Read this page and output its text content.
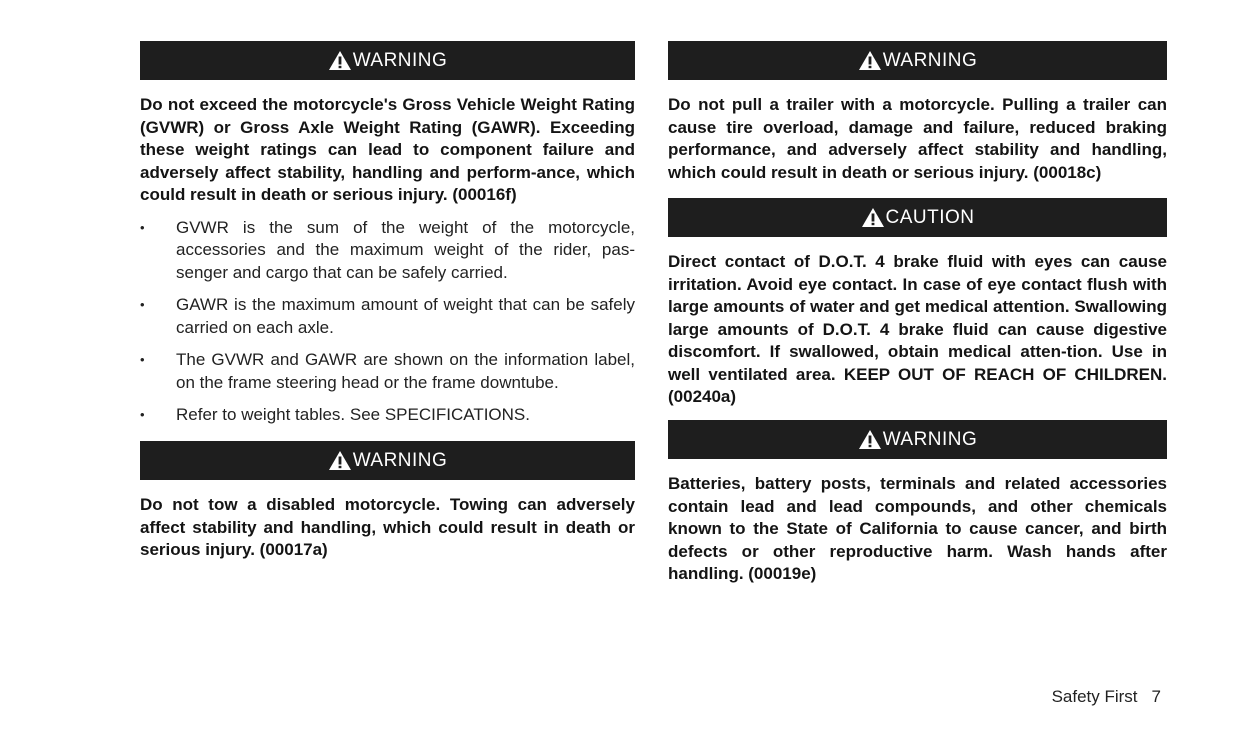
WARNING

Do not exceed the motorcycle's Gross Vehicle Weight Rating (GVWR) or Gross Axle Weight Rating (GAWR). Exceeding these weight ratings can lead to component failure and adversely affect stability, handling and perform-ance, which could result in death or serious injury. (00016f)

• GVWR is the sum of the weight of the motorcycle, accessories and the maximum weight of the rider, pas-senger and cargo that can be safely carried.
• GAWR is the maximum amount of weight that can be safely carried on each axle.
• The GVWR and GAWR are shown on the information label, on the frame steering head or the frame downtube.
• Refer to weight tables. See SPECIFICATIONS.
WARNING

Do not tow a disabled motorcycle. Towing can adversely affect stability and handling, which could result in death or serious injury. (00017a)

WARNING

Do not pull a trailer with a motorcycle. Pulling a trailer can cause tire overload, damage and failure, reduced braking performance, and adversely affect stability and handling, which could result in death or serious injury. (00018c)

CAUTION

Direct contact of D.O.T. 4 brake fluid with eyes can cause irritation. Avoid eye contact. In case of eye contact flush with large amounts of water and get medical attention. Swallowing large amounts of D.O.T. 4 brake fluid can cause digestive discomfort. If swallowed, obtain medical atten-tion. Use in well ventilated area. KEEP OUT OF REACH OF CHILDREN. (00240a)

WARNING

Batteries, battery posts, terminals and related accessories contain lead and lead compounds, and other chemicals known to the State of California to cause cancer, and birth defects or other reproductive harm. Wash hands after handling. (00019e)

Safety First 7
